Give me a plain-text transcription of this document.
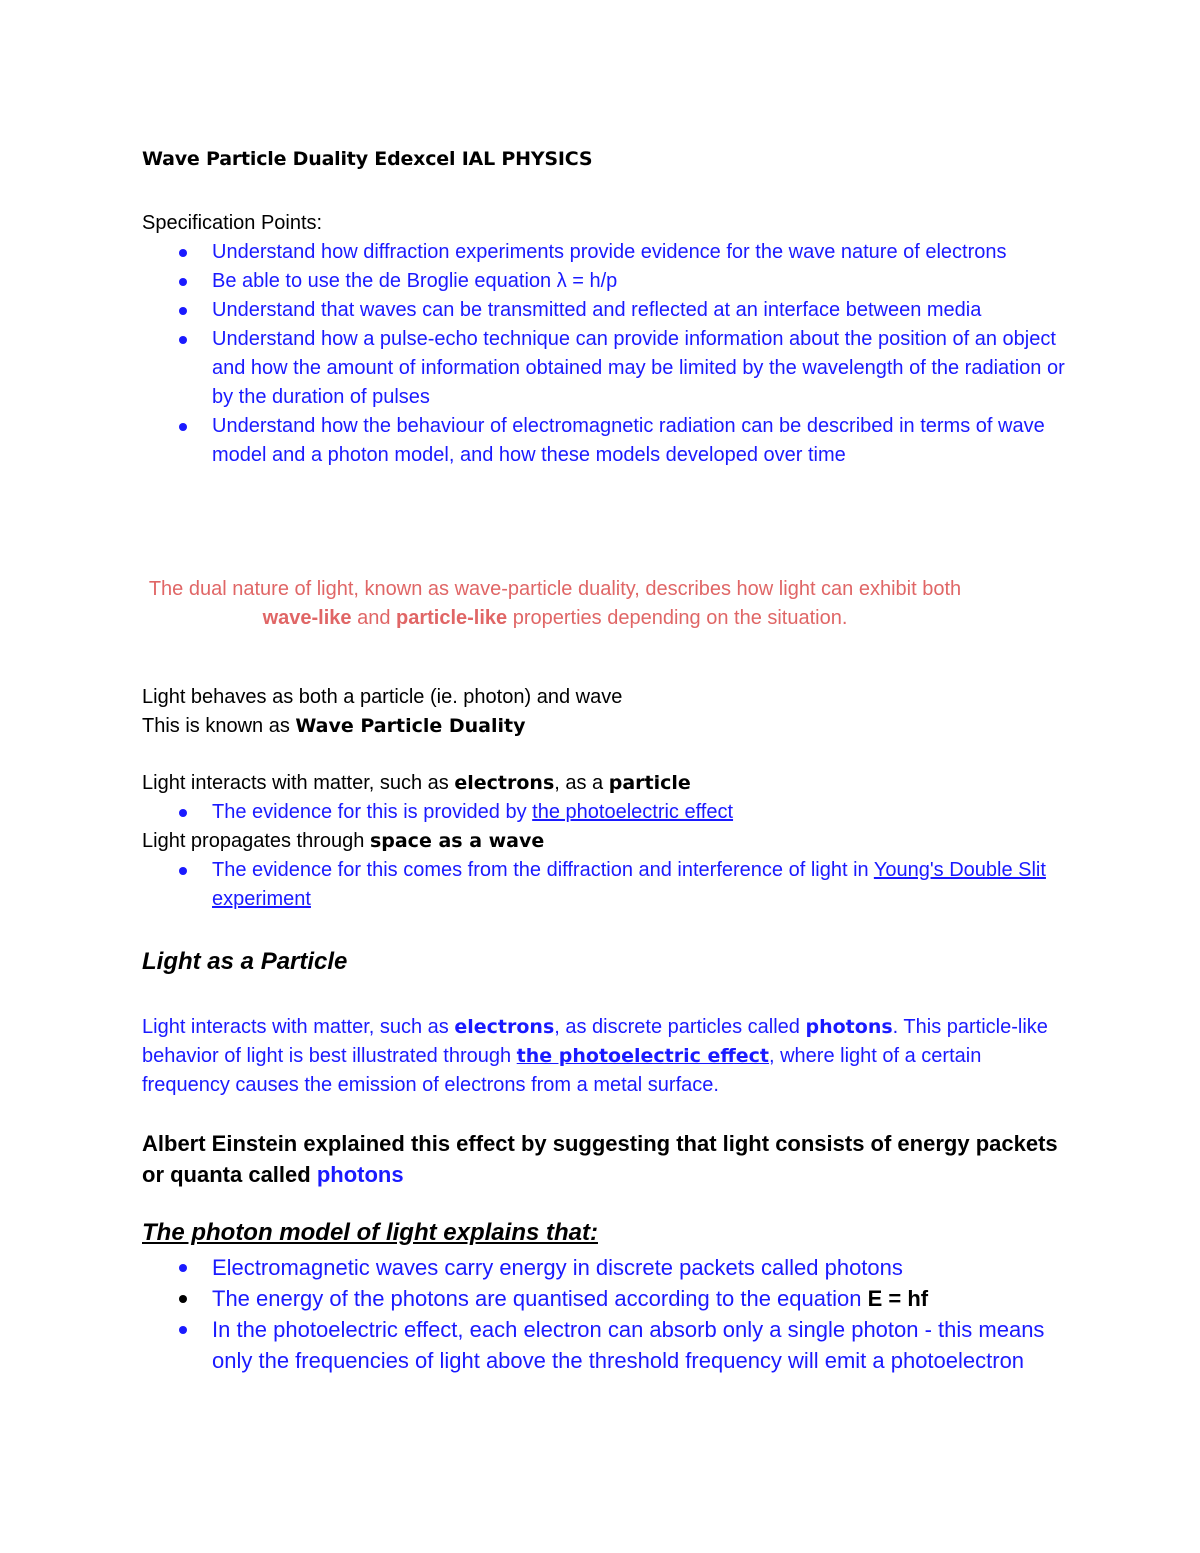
Wave Particle Duality Edexcel IAL PHYSICS
Specification Points:
Understand how diffraction experiments provide evidence for the wave nature of electrons
Be able to use the de Broglie equation λ = h/p
Understand that waves can be transmitted and reflected at an interface between media
Understand how a pulse-echo technique can provide information about the position of an object and how the amount of information obtained may be limited by the wavelength of the radiation or by the duration of pulses
Understand how the behaviour of electromagnetic radiation can be described in terms of wave model and a photon model, and how these models developed over time
The dual nature of light, known as wave-particle duality, describes how light can exhibit both
wave-like and particle-like properties depending on the situation.
Light behaves as both a particle (ie. photon) and wave
This is known as Wave Particle Duality
Light interacts with matter, such as electrons, as a particle
The evidence for this is provided by the photoelectric effect
Light propagates through space as a wave
The evidence for this comes from the diffraction and interference of light in Young's Double Slit experiment
Light as a Particle
Light interacts with matter, such as electrons, as discrete particles called photons. This particle-like behavior of light is best illustrated through the photoelectric effect, where light of a certain frequency causes the emission of electrons from a metal surface.
Albert Einstein explained this effect by suggesting that light consists of energy packets or quanta called photons
The photon model of light explains that:
Electromagnetic waves carry energy in discrete packets called photons
The energy of the photons are quantised according to the equation E = hf
In the photoelectric effect, each electron can absorb only a single photon - this means only the frequencies of light above the threshold frequency will emit a photoelectron
